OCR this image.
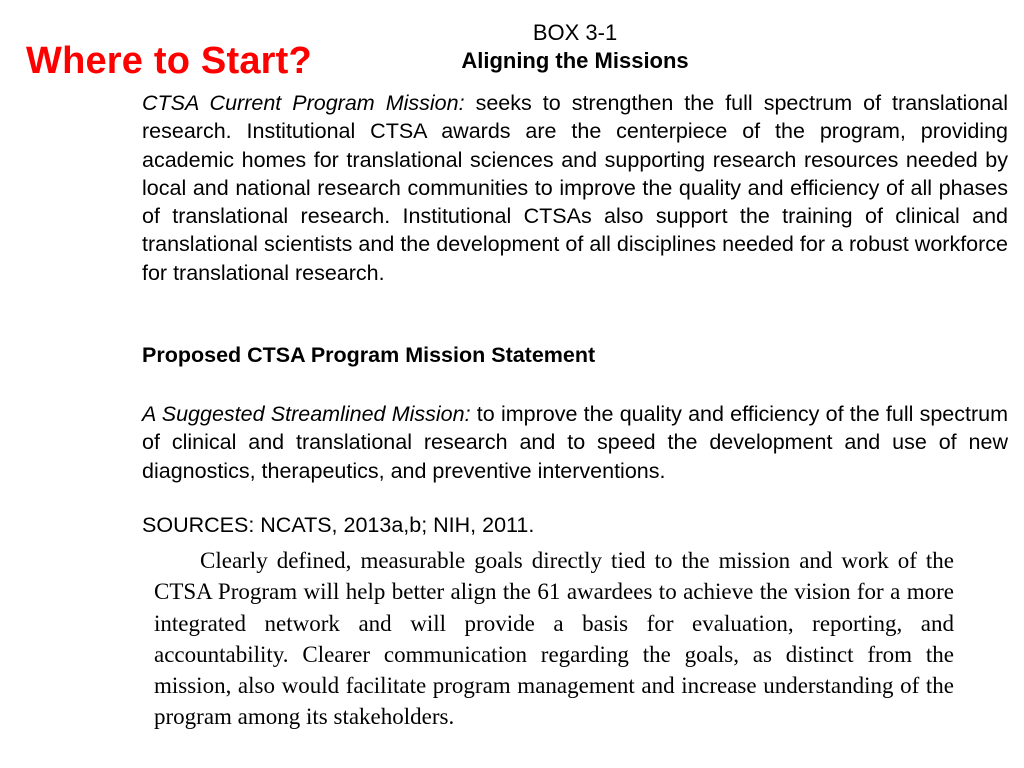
Where to Start?
BOX 3-1
Aligning the Missions

CTSA Current Program Mission: seeks to strengthen the full spectrum of translational research. Institutional CTSA awards are the centerpiece of the program, providing academic homes for translational sciences and supporting research resources needed by local and national research communities to improve the quality and efficiency of all phases of translational research. Institutional CTSAs also support the training of clinical and translational scientists and the development of all disciplines needed for a robust workforce for translational research.

Proposed CTSA Program Mission Statement

A Suggested Streamlined Mission: to improve the quality and efficiency of the full spectrum of clinical and translational research and to speed the development and use of new diagnostics, therapeutics, and preventive interventions.

SOURCES: NCATS, 2013a,b; NIH, 2011.

Clearly defined, measurable goals directly tied to the mission and work of the CTSA Program will help better align the 61 awardees to achieve the vision for a more integrated network and will provide a basis for evaluation, reporting, and accountability. Clearer communication regarding the goals, as distinct from the mission, also would facilitate program management and increase understanding of the program among its stakeholders.
